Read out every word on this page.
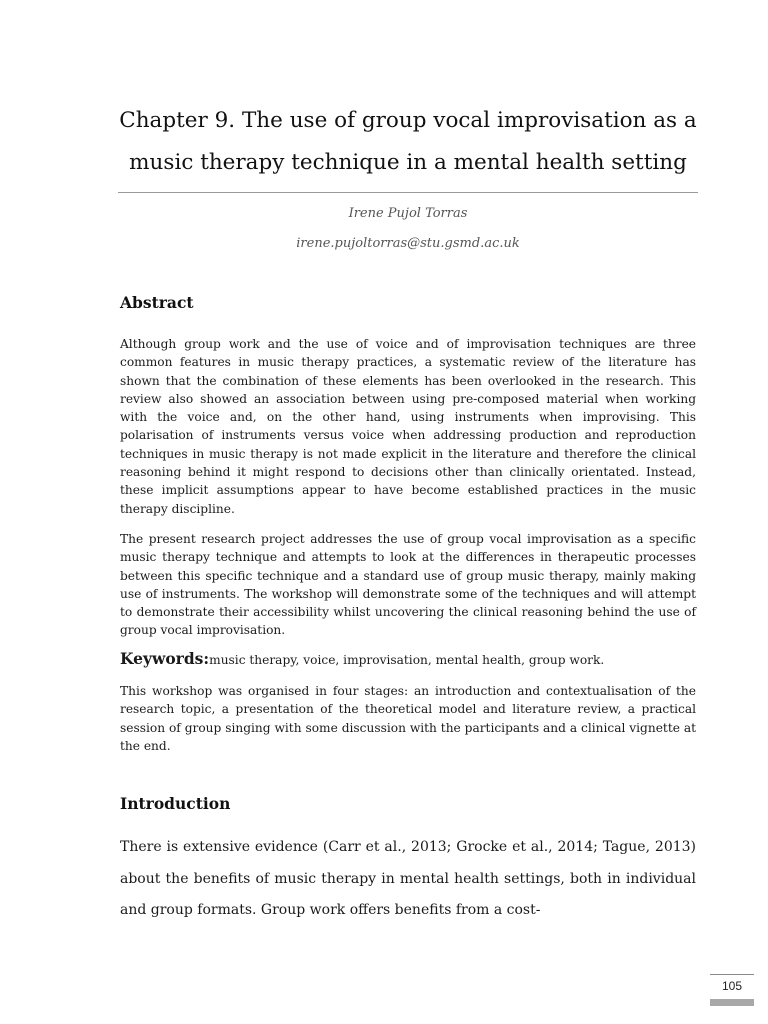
Chapter 9. The use of group vocal improvisation as a music therapy technique in a mental health setting
Irene Pujol Torras
irene.pujoltorras@stu.gsmd.ac.uk
Abstract
Although group work and the use of voice and of improvisation techniques are three common features in music therapy practices, a systematic review of the literature has shown that the combination of these elements has been overlooked in the research. This review also showed an association between using pre-composed material when working with the voice and, on the other hand, using instruments when improvising. This polarisation of instruments versus voice when addressing production and reproduction techniques in music therapy is not made explicit in the literature and therefore the clinical reasoning behind it might respond to decisions other than clinically orientated. Instead, these implicit assumptions appear to have become established practices in the music therapy discipline.
The present research project addresses the use of group vocal improvisation as a specific music therapy technique and attempts to look at the differences in therapeutic processes between this specific technique and a standard use of group music therapy, mainly making use of instruments. The workshop will demonstrate some of the techniques and will attempt to demonstrate their accessibility whilst uncovering the clinical reasoning behind the use of group vocal improvisation.
Keywords:music therapy, voice, improvisation, mental health, group work.
This workshop was organised in four stages: an introduction and contextualisation of the research topic, a presentation of the theoretical model and literature review, a practical session of group singing with some discussion with the participants and a clinical vignette at the end.
Introduction
There is extensive evidence (Carr et al., 2013; Grocke et al., 2014; Tague, 2013) about the benefits of music therapy in mental health settings, both in individual and group formats. Group work offers benefits from a cost-
105
